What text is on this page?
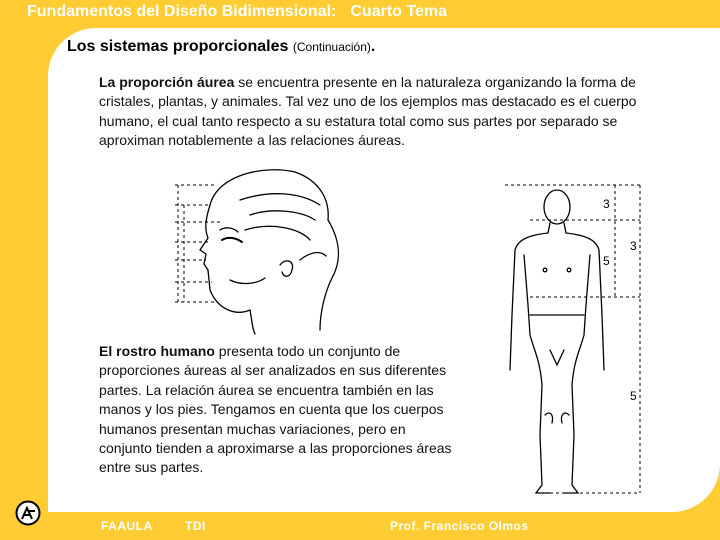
Fundamentos del Diseño Bidimensional: Cuarto Tema
Los sistemas proporcionales (Continuación).
La proporción áurea se encuentra presente en la naturaleza organizando la forma de cristales, plantas, y animales. Tal vez uno de los ejemplos mas destacado es el cuerpo humano, el cual tanto respecto a su estatura total como sus partes por separado se aproximan notablemente a las relaciones áureas.
3
5
3
5
El rostro humano presenta todo un conjunto de proporciones áureas al ser analizados en sus diferentes partes. La relación áurea se encuentra también en las manos y los pies. Tengamos en cuenta que los cuerpos humanos presentan muchas variaciones, pero en conjunto tienden a aproximarse a las proporciones áreas entre sus partes.
FAAULA	TDI	Prof. Francisco Olmos
